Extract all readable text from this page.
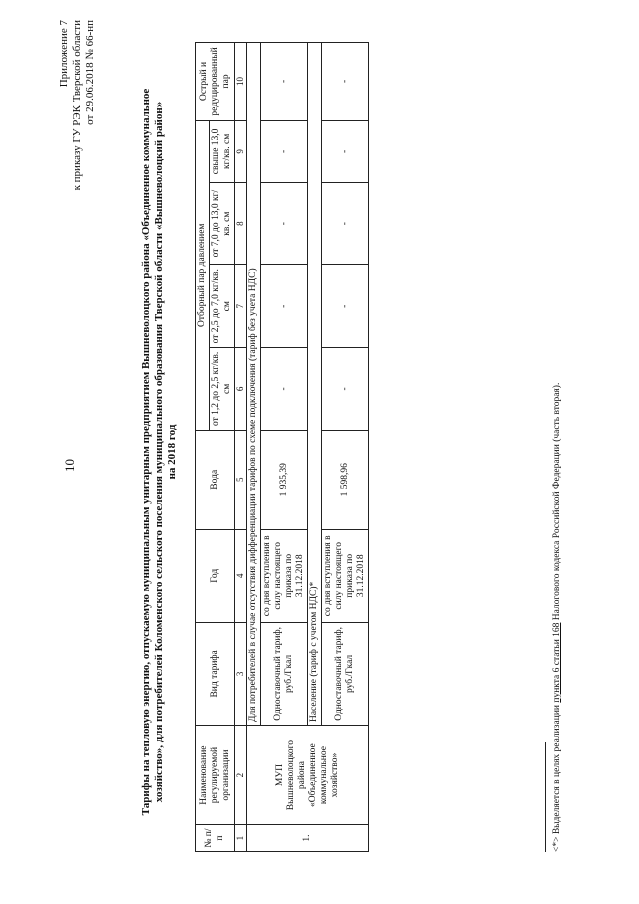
10
Приложение 7 к приказу ГУ РЭК Тверской области от 29.06.2018 № 66-нп
Тарифы на тепловую энергию, отпускаемую муниципальным унитарным предприятием Вышневолоцкого района «Объединенное коммунальное хозяйство», для потребителей Коломенского сельского поселения муниципального образования Тверской области «Вышневолоцкий район» на 2018 год
№ п/п	Наименование регулируемой организации	Вид тарифа	Год	Вода	Отборный пар давлением				Острый и редуцированный пар
					от 1,2 до 2,5 кг/кв. см	от 2,5 до 7,0 кг/кв. см	от 7,0 до 13,0 кг/кв. см	свыше 13,0 кг/кв. см	
1	2	3	4	5	6	7	8	9	10
1.	МУП Вышневолоцкого района «Объединенное коммунальное хозяйство»	Для потребителей в случае отсутствия дифференциации тарифов по схеме подключения (тариф без учета НДС)							
		Одноставочный тариф, руб./Гкал	со дня вступления в силу настоящего приказа по 31.12.2018	1 935,39	-	-	-	-	-
		Население (тариф с учетом НДС)*							
		Одноставочный тариф, руб./Гкал	со дня вступления в силу настоящего приказа по 31.12.2018	1 598,96	-	-	-	-	-
<*> Выделяется в целях реализации пункта 6 статьи 168 Налогового кодекса Российской Федерации (часть вторая).
